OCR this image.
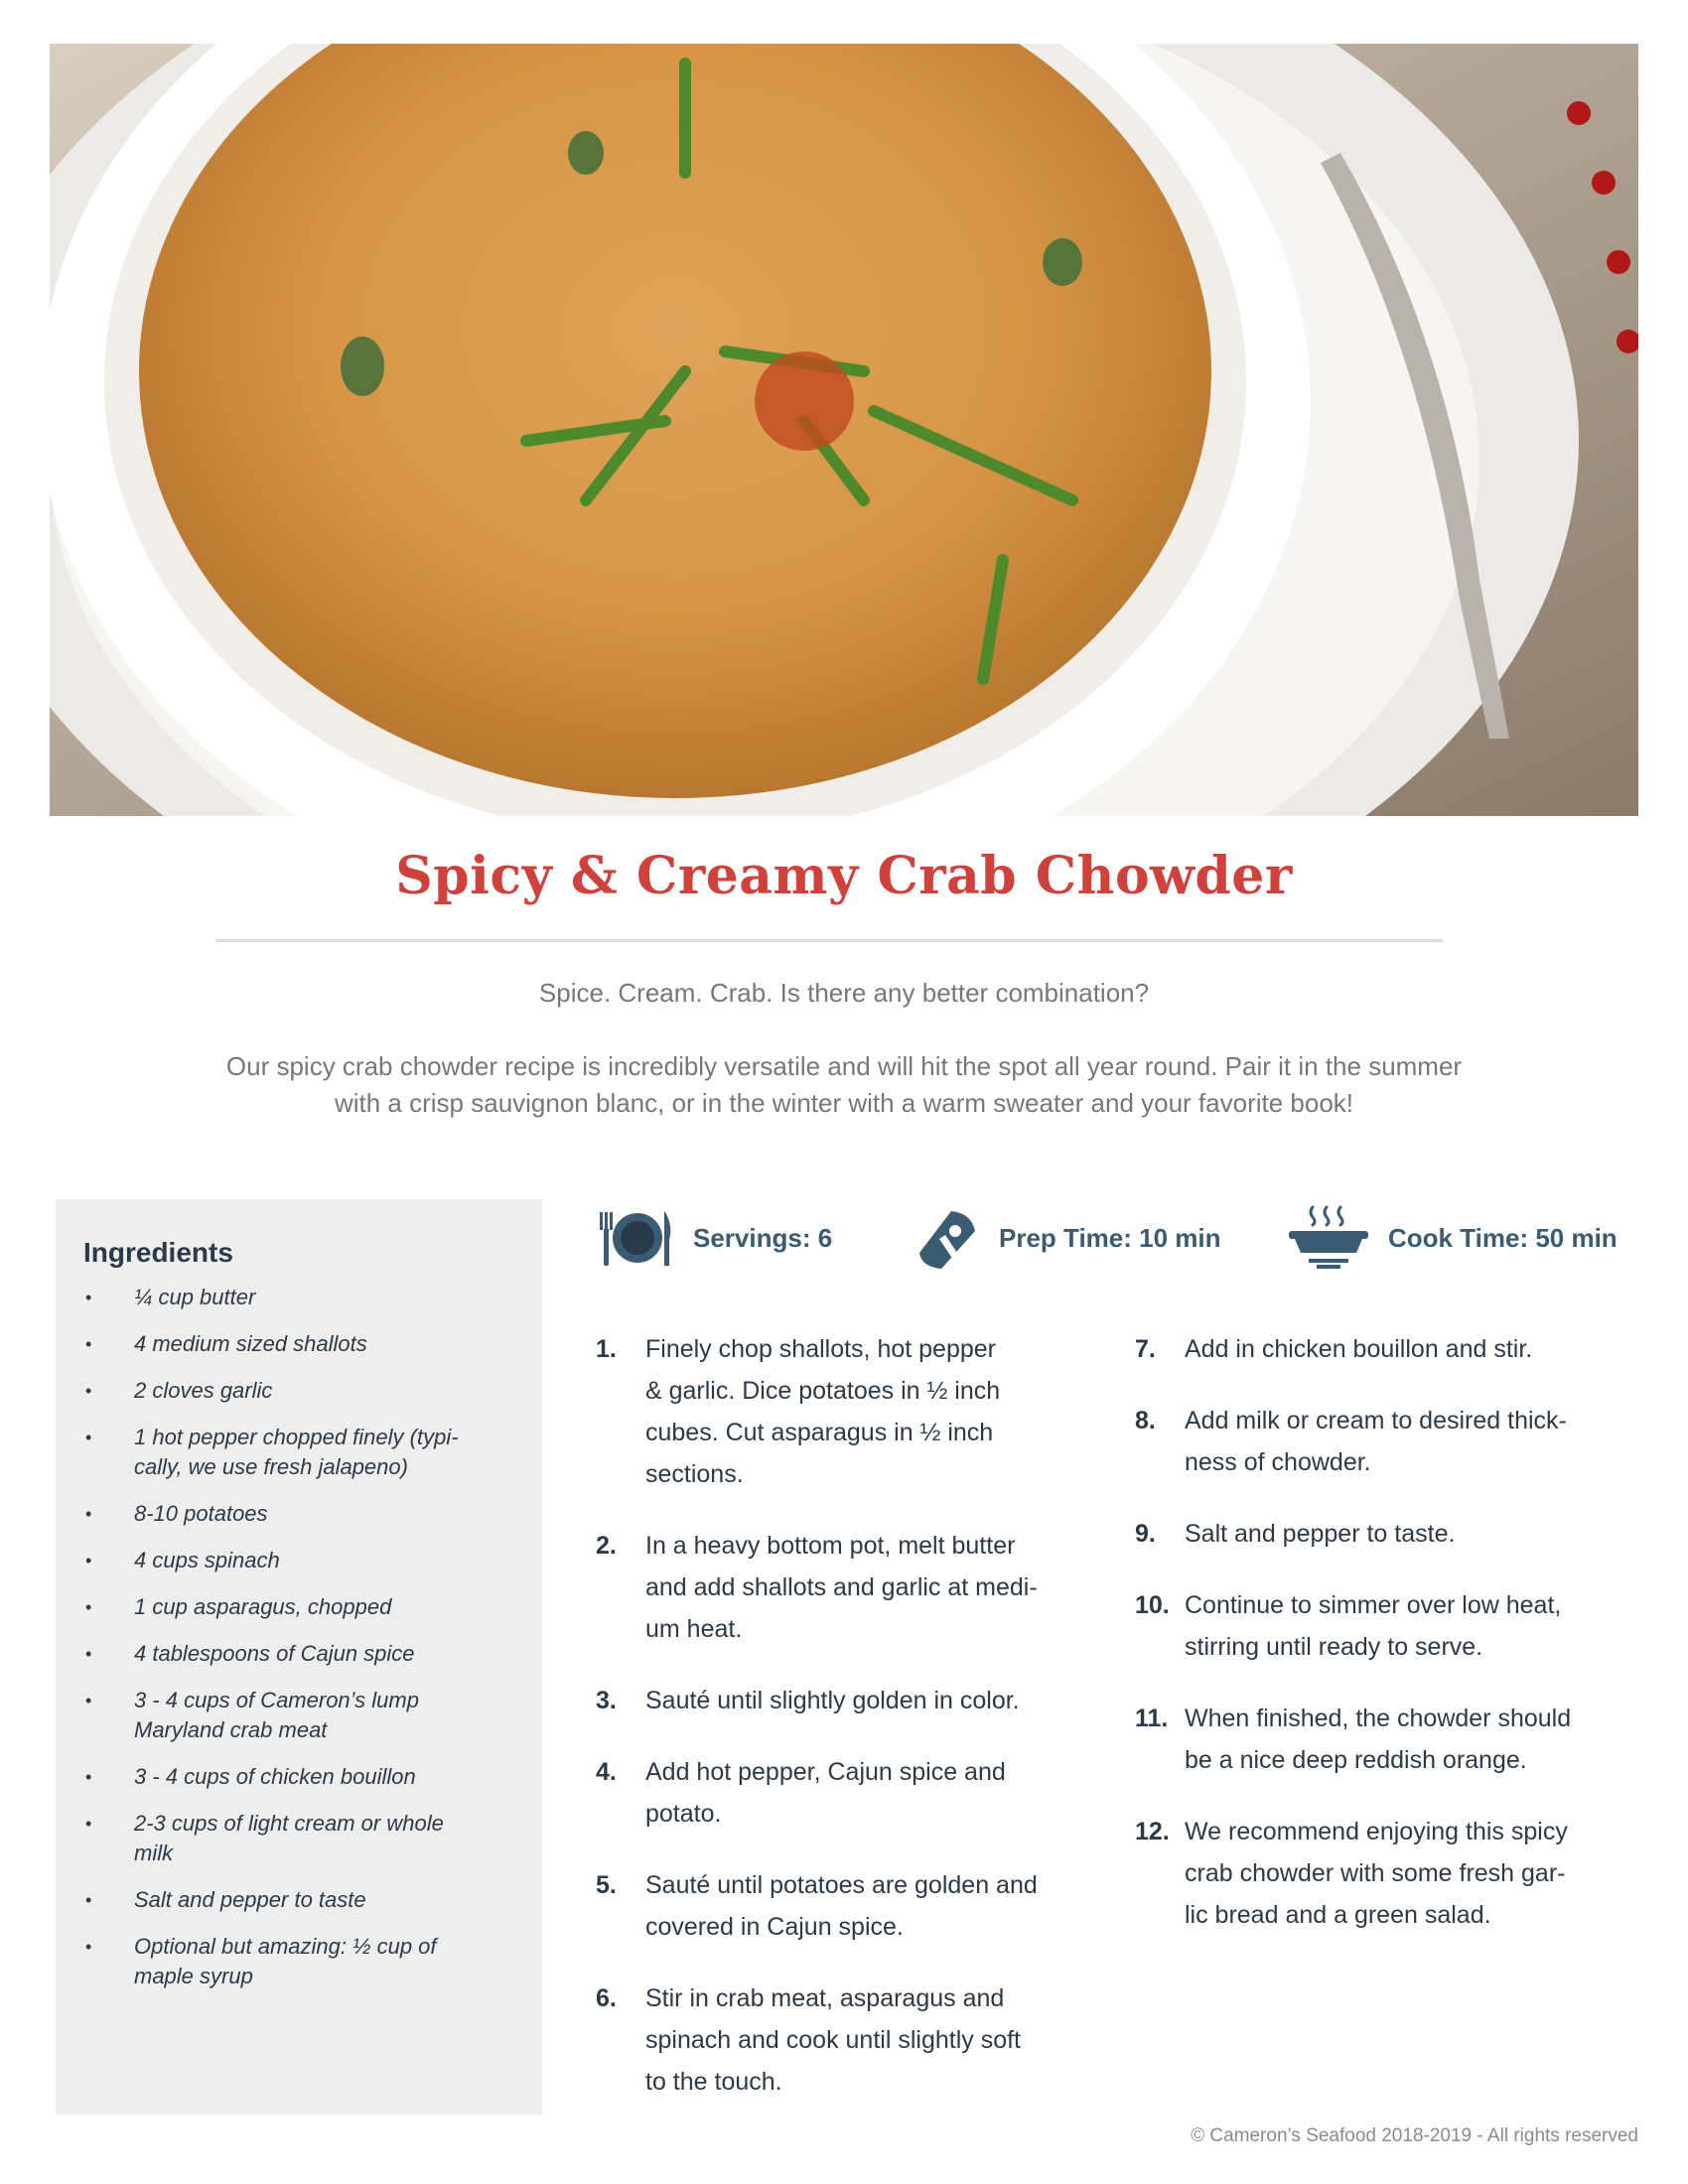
Spicy & Creamy Crab Chowder

Spice. Cream. Crab. Is there any better combination?

Our spicy crab chowder recipe is incredibly versatile and will hit the spot all year round. Pair it in the summer
with a crisp sauvignon blanc, or in the winter with a warm sweater and your favorite book!

Ingredients
• ¼ cup butter
• 4 medium sized shallots
• 2 cloves garlic
• 1 hot pepper chopped finely (typi-
cally, we use fresh jalapeno)
• 8-10 potatoes
• 4 cups spinach
• 1 cup asparagus, chopped
• 4 tablespoons of Cajun spice
• 3 - 4 cups of Cameron’s lump
Maryland crab meat
• 3 - 4 cups of chicken bouillon
• 2-3 cups of light cream or whole
milk
• Salt and pepper to taste
• Optional but amazing: ½ cup of
maple syrup
Servings: 6	Prep Time: 10 min	Cook Time: 50 min
1.	Finely chop shallots, hot pepper
& garlic. Dice potatoes in ½ inch
cubes. Cut asparagus in ½ inch
sections.
2.	In a heavy bottom pot, melt butter
and add shallots and garlic at medi-
um heat.
3.	Sauté until slightly golden in color.
4.	Add hot pepper, Cajun spice and
potato.
5.	Sauté until potatoes are golden and
covered in Cajun spice.
6.	Stir in crab meat, asparagus and
spinach and cook until slightly soft
to the touch.
7.	Add in chicken bouillon and stir.
8.	Add milk or cream to desired thick-
ness of chowder.
9.	Salt and pepper to taste.
10. Continue to simmer over low heat,
stirring until ready to serve.
11. When finished, the chowder should
be a nice deep reddish orange.
12. We recommend enjoying this spicy
crab chowder with some fresh gar-
lic bread and a green salad.

© Cameron’s Seafood 2018-2019 - All rights reserved
